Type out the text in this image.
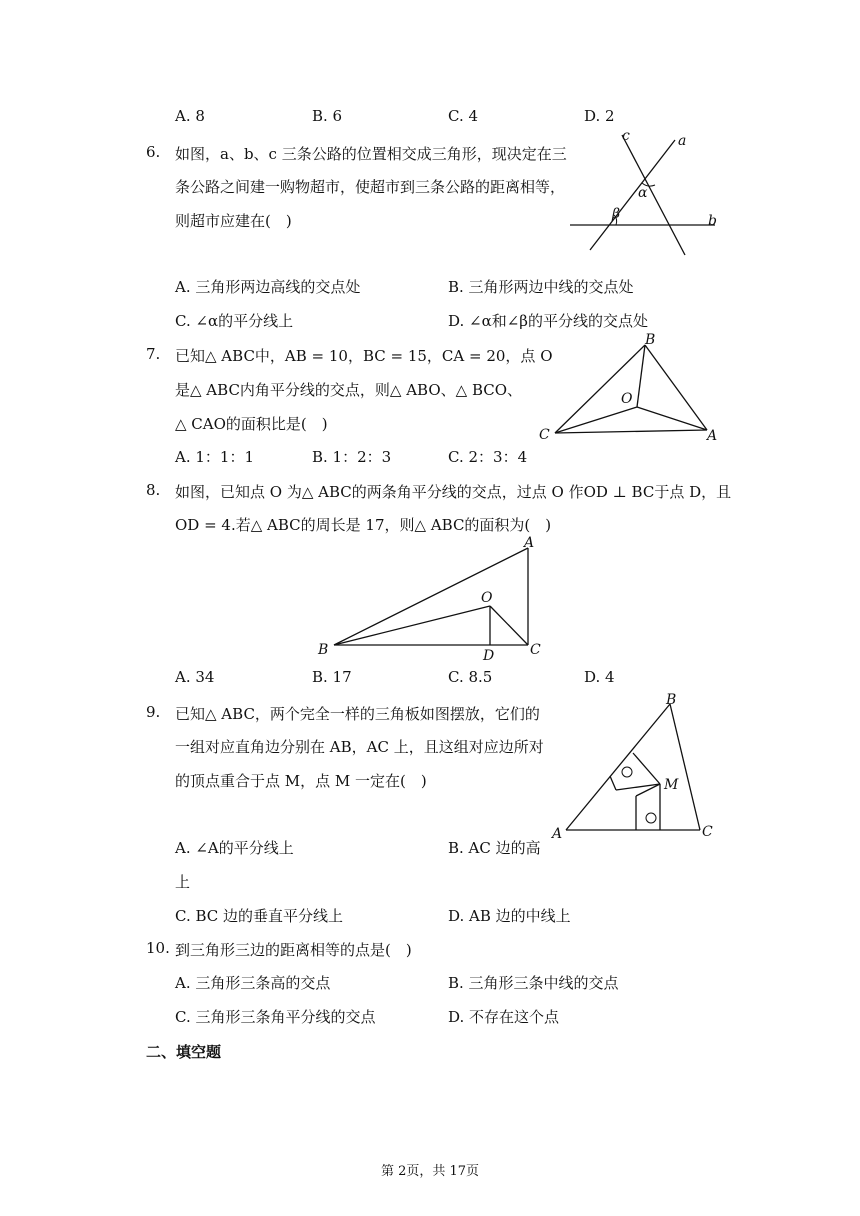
A. 8	B. 6	C. 4	D. 2
6. 如图，a、b、c 三条公路的位置相交成三角形，现决定在三
条公路之间建一购物超市，使超市到三条公路的距离相等，
则超市应建在(　)
c	a
α
β	b
A. 三角形两边高线的交点处	B. 三角形两边中线的交点处
C. ∠α的平分线上	D. ∠α和∠β的平分线的交点处
7. 已知△ ABC中，AB = 10，BC = 15，CA = 20，点 O
是△ ABC内角平分线的交点，则△ ABO、△ BCO、
△ CAO的面积比是(　)
B
O
C	A
A. 1：1：1	B. 1：2：3	C. 2：3：4
8. 如图，已知点 O 为△ ABC的两条角平分线的交点，过点 O 作OD ⊥ BC于点 D，且
OD = 4.若△ ABC的周长是 17，则△ ABC的面积为(　)
A
O
B	D	C
A. 34	B. 17	C. 8.5	D. 4
9. 已知△ ABC，两个完全一样的三角板如图摆放，它们的
一组对应直角边分别在 AB，AC 上，且这组对应边所对
的顶点重合于点 M，点 M 一定在(　)
B
M
A	C
A. ∠A的平分线上	B. AC 边的高
上
C. BC 边的垂直平分线上	D. AB 边的中线上
10. 到三角形三边的距离相等的点是(　)
A. 三角形三条高的交点	B. 三角形三条中线的交点
C. 三角形三条角平分线的交点	D. 不存在这个点
二、填空题
第 2页，共 17页
